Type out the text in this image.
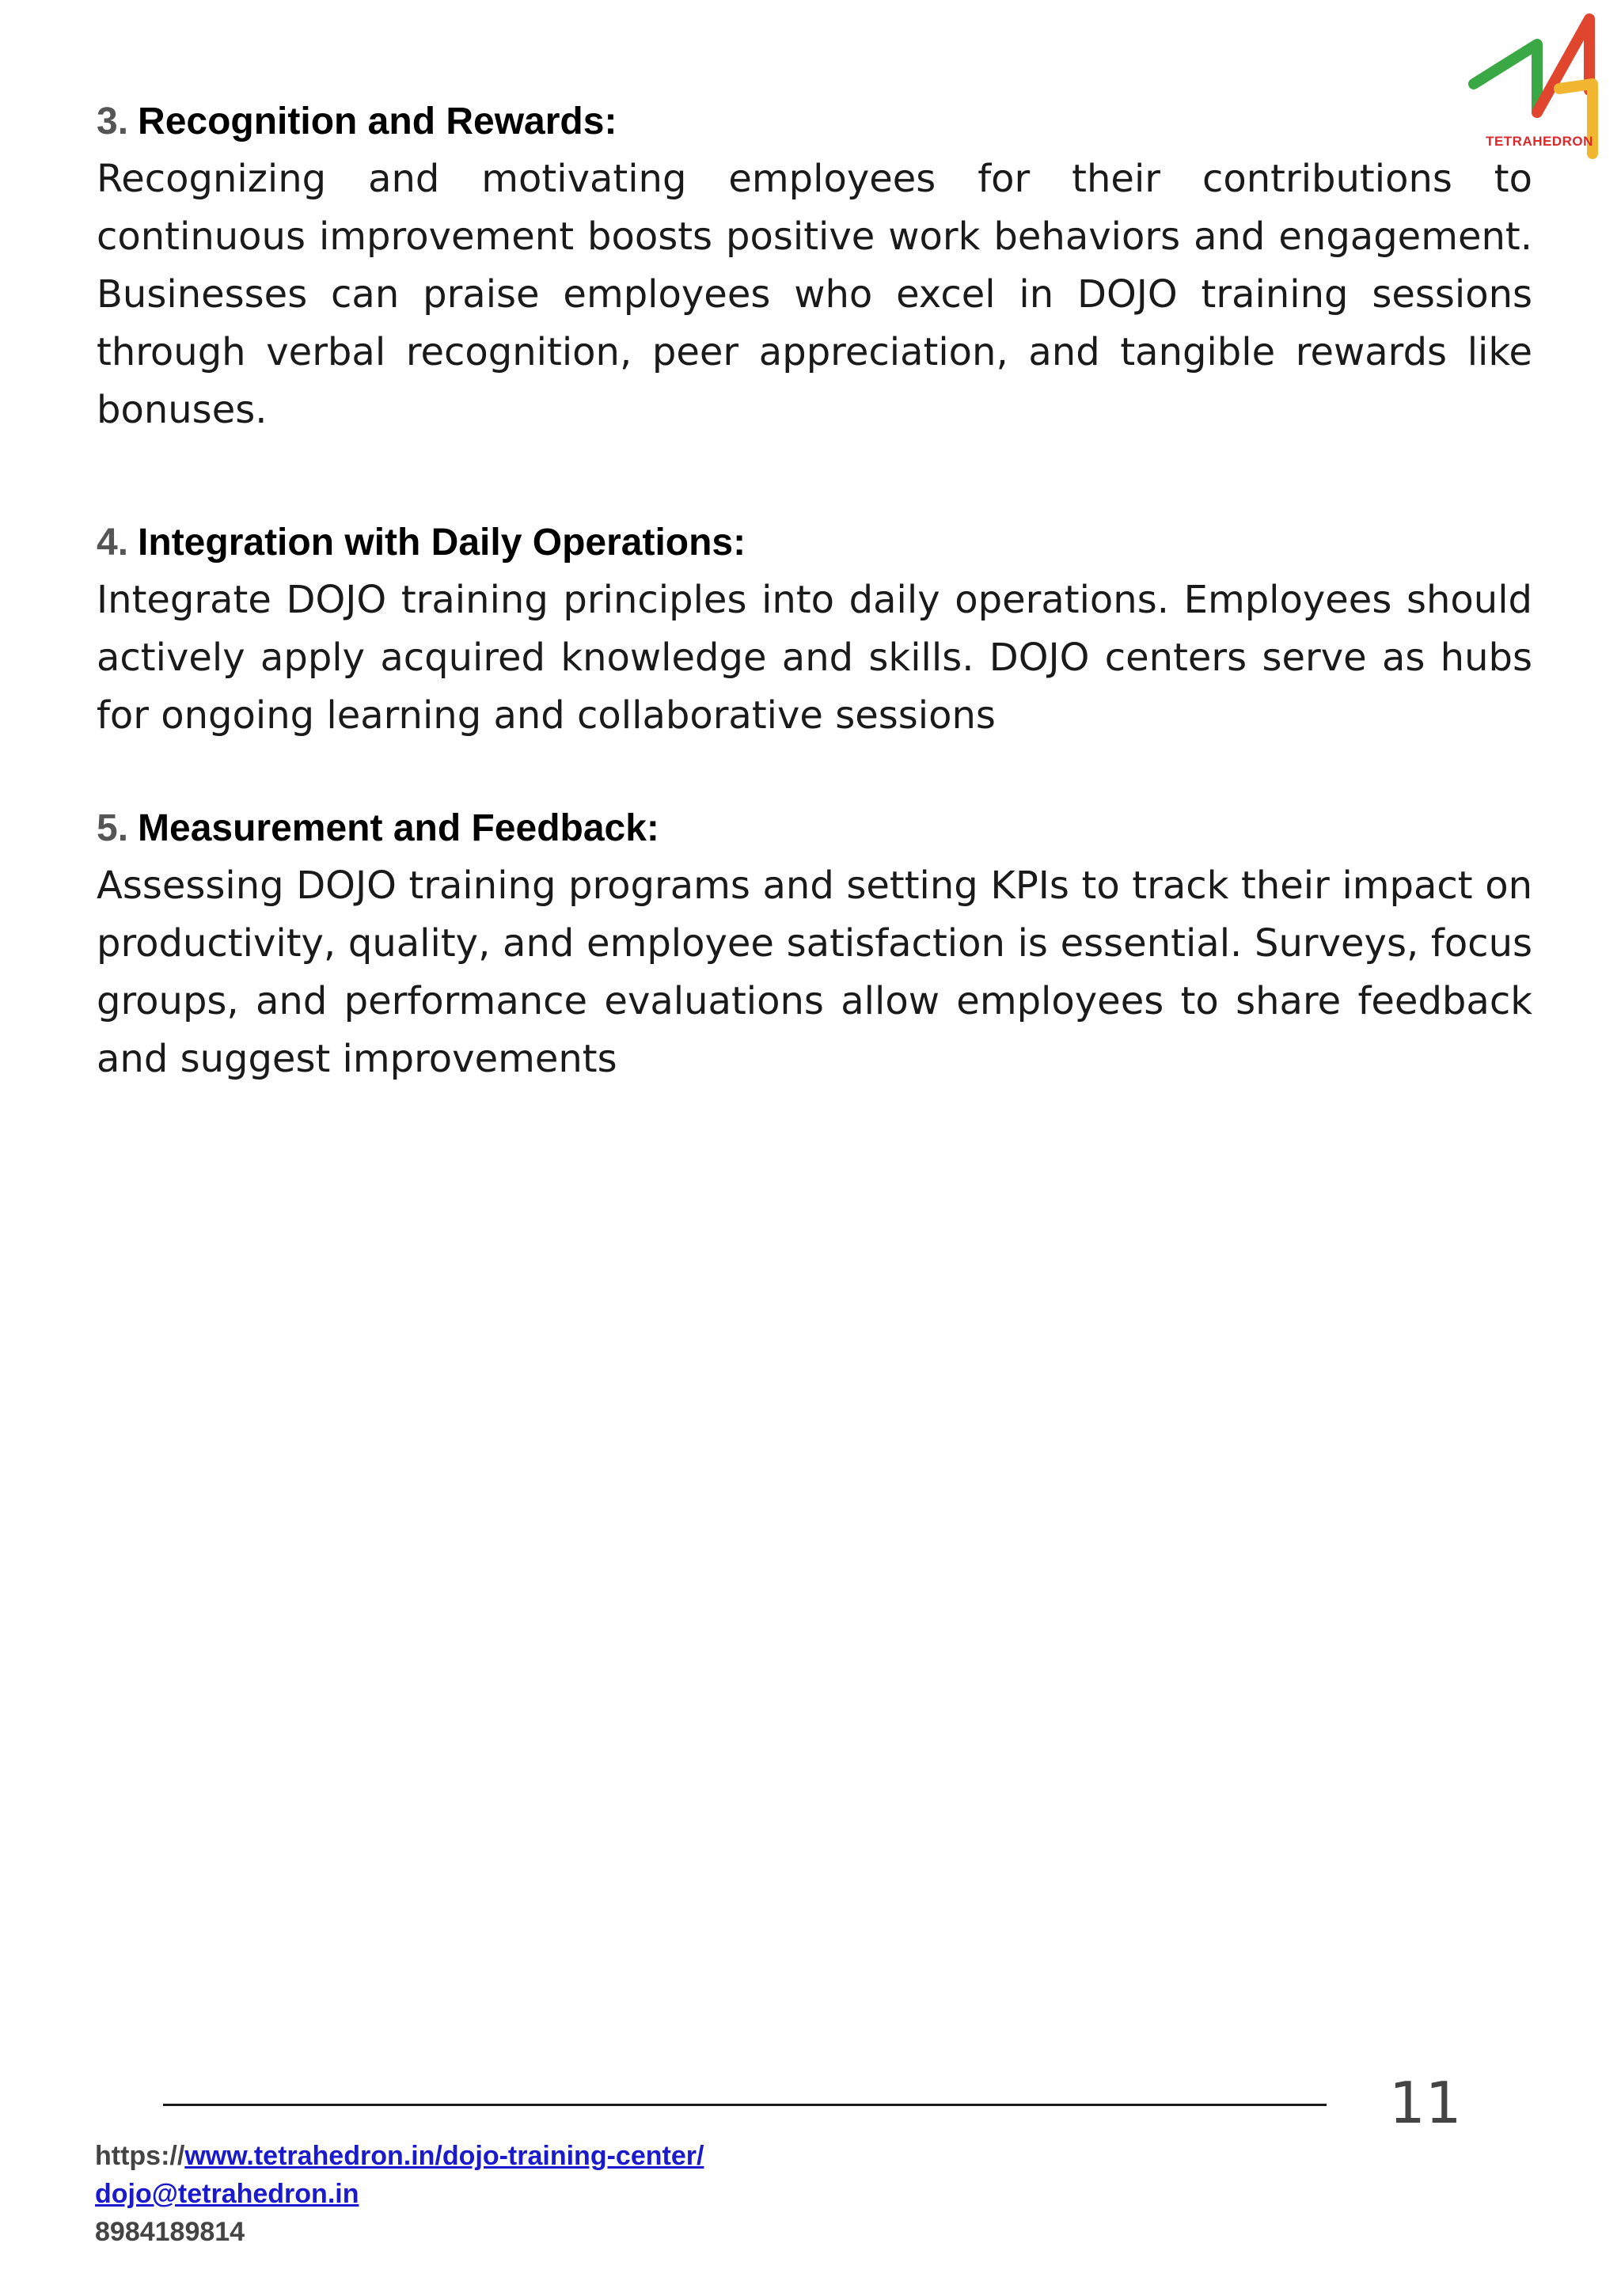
TETRAHEDRON
3. Recognition and Rewards:

Recognizing and motivating employees for their contributions to continuous improvement boosts positive work behaviors and engagement. Businesses can praise employees who excel in DOJO training sessions through verbal recognition, peer appreciation, and tangible rewards like bonuses.

4. Integration with Daily Operations:

Integrate DOJO training principles into daily operations. Employees should actively apply acquired knowledge and skills. DOJO centers serve as hubs for ongoing learning and collaborative sessions

5. Measurement and Feedback:

Assessing DOJO training programs and setting KPIs to track their impact on productivity, quality, and employee satisfaction is essential. Surveys, focus groups, and performance evaluations allow employees to share feedback and suggest improvements

11
https://www.tetrahedron.in/dojo-training-center/
dojo@tetrahedron.in
8984189814
